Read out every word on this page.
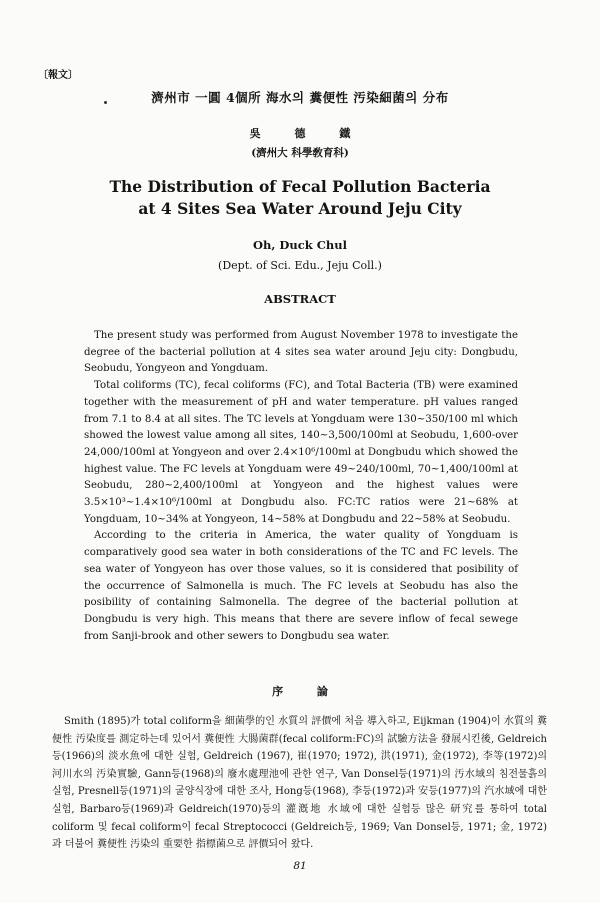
〔報文〕
濟州市 一圓 4個所 海水의 糞便性 汚染細菌의 分布
吳 德 鐵
(濟州大 科學敎育科)
The Distribution of Fecal Pollution Bacteria
at 4 Sites Sea Water Around Jeju City
Oh, Duck Chul
(Dept. of Sci. Edu., Jeju Coll.)
ABSTRACT

The present study was performed from August November 1978 to investigate the degree of the bacterial pollution at 4 sites sea water around Jeju city: Dongbudu, Seobudu, Yongyeon and Yongduam.

Total coliforms (TC), fecal coliforms (FC), and Total Bacteria (TB) were examined together with the measurement of pH and water temperature. pH values ranged from 7.1 to 8.4 at all sites. The TC levels at Yongduam were 130~350/100 ml which showed the lowest value among all sites, 140~3,500/100ml at Seobudu, 1,600-over 24,000/100ml at Yongyeon and over 2.4×10⁶/100ml at Dongbudu which showed the highest value. The FC levels at Yongduam were 49~240/100ml, 70~1,400/100ml at Seobudu, 280~2,400/100ml at Yongyeon and the highest values were 3.5×10³~1.4×10⁶/100ml at Dongbudu also. FC:TC ratios were 21~68% at Yongduam, 10~34% at Yongyeon, 14~58% at Dongbudu and 22~58% at Seobudu.

According to the criteria in America, the water quality of Yongduam is comparatively good sea water in both considerations of the TC and FC levels. The sea water of Yongyeon has over those values, so it is considered that posibility of the occurrence of Salmonella is much. The FC levels at Seobudu has also the posibility of containing Salmonella. The degree of the bacterial pollution at Dongbudu is very high. This means that there are severe inflow of fecal sewege from Sanji-brook and other sewers to Dongbudu sea water.

序 論

Smith (1895)가 total coliform을 細菌學的인 水質의 評價에 처음 導入하고, Eijkman (1904)이 水質의 糞便性 汚染度를 測定하는데 있어서 糞便性 大腸菌群(fecal coliform:FC)의 試驗方法을 發展시킨後, Geldreich등(1966)의 淡水魚에 대한 실험, Geldreich (1967), 崔(1970; 1972), 洪(1971), 金(1972), 李等(1972)의 河川水의 汚染實驗, Gann등(1968)의 廢水處理池에 관한 연구, Van Donsel등(1971)의 汚水域의 침전물흙의 실험, Presnell등(1971)의 굴양식장에 대한 조사, Hong등(1968), 李등(1972)과 安등(1977)의 汽水域에 대한 실험, Barbaro등(1969)과 Geldreich(1970)등의 灌漑地 水域에 대한 실험등 많은 研究를 통하여 total coliform 및 fecal coliform이 fecal Streptococci (Geldreich등, 1969; Van Donsel등, 1971; 金, 1972)과 더불어 糞便性 汚染의 重要한 指標菌으로 評價되어 왔다.

81
